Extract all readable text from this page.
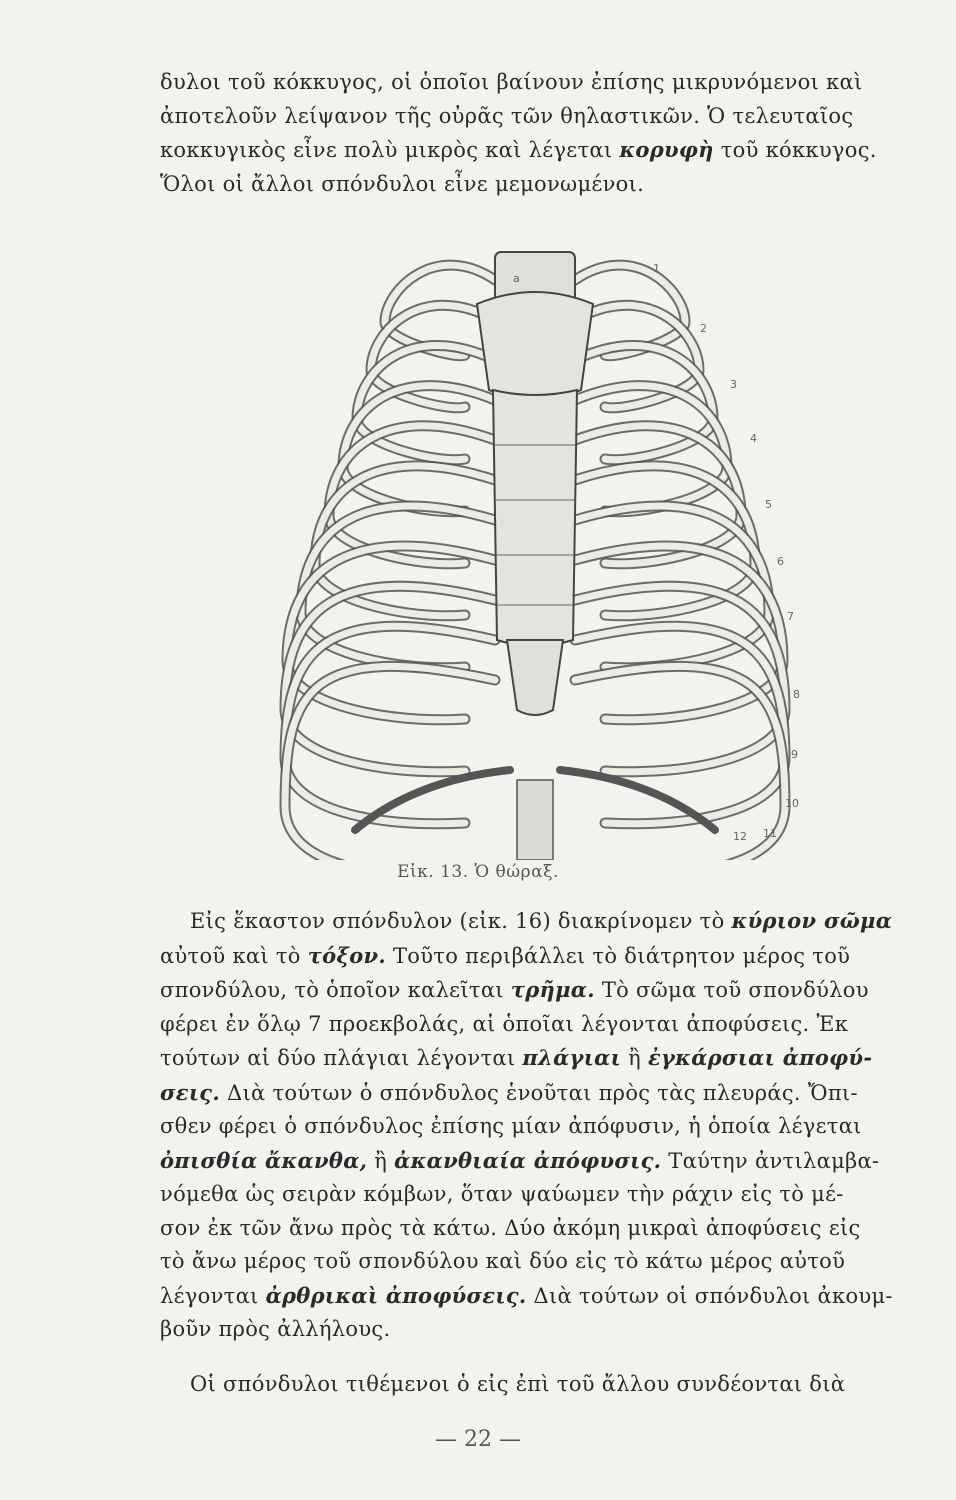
δυλοι τοῦ κόκκυγος, οἱ ὁποῖοι βαίνουν ἐπίσης μικρυνόμενοι καὶ
ἀποτελοῦν λείψανον τῆς οὐρᾶς τῶν θηλαστικῶν. Ὁ τελευταῖος
κοκκυγικὸς εἶνε πολὺ μικρὸς καὶ λέγεται κορυφὴ τοῦ κόκκυγος.
Ὅλοι οἱ ἄλλοι σπόνδυλοι εἶνε μεμονωμένοι.
a
1
2
3
4
5
6
7
8
9
10
11
12
Εἰκ. 13. Ὁ θώραξ.
Εἰς ἕκαστον σπόνδυλον (εἰκ. 16) διακρίνομεν τὸ κύριον σῶμα
αὐτοῦ καὶ τὸ τόξον. Τοῦτο περιβάλλει τὸ διάτρητον μέρος τοῦ
σπονδύλου, τὸ ὁποῖον καλεῖται τρῆμα. Τὸ σῶμα τοῦ σπονδύλου
φέρει ἐν ὅλῳ 7 προεκβολάς, αἱ ὁποῖαι λέγονται ἀποφύσεις. Ἐκ
τούτων αἱ δύο πλάγιαι λέγονται πλάγιαι ἢ ἐγκάρσιαι ἀποφύ-
σεις. Διὰ τούτων ὁ σπόνδυλος ἑνοῦται πρὸς τὰς πλευράς. Ὄπι-
σθεν φέρει ὁ σπόνδυλος ἐπίσης μίαν ἀπόφυσιν, ἡ ὁποία λέγεται
ὀπισθία ἄκανθα, ἢ ἀκανθιαία ἀπόφυσις. Ταύτην ἀντιλαμβα-
νόμεθα ὡς σειρὰν κόμβων, ὅταν ψαύωμεν τὴν ράχιν εἰς τὸ μέ-
σον ἐκ τῶν ἄνω πρὸς τὰ κάτω. Δύο ἀκόμη μικραὶ ἀποφύσεις εἰς
τὸ ἄνω μέρος τοῦ σπονδύλου καὶ δύο εἰς τὸ κάτω μέρος αὐτοῦ
λέγονται ἀρθρικαὶ ἀποφύσεις. Διὰ τούτων οἱ σπόνδυλοι ἀκουμ-
βοῦν πρὸς ἀλλήλους.
Οἱ σπόνδυλοι τιθέμενοι ὁ εἰς ἐπὶ τοῦ ἄλλου συνδέονται διὰ
— 22 —
